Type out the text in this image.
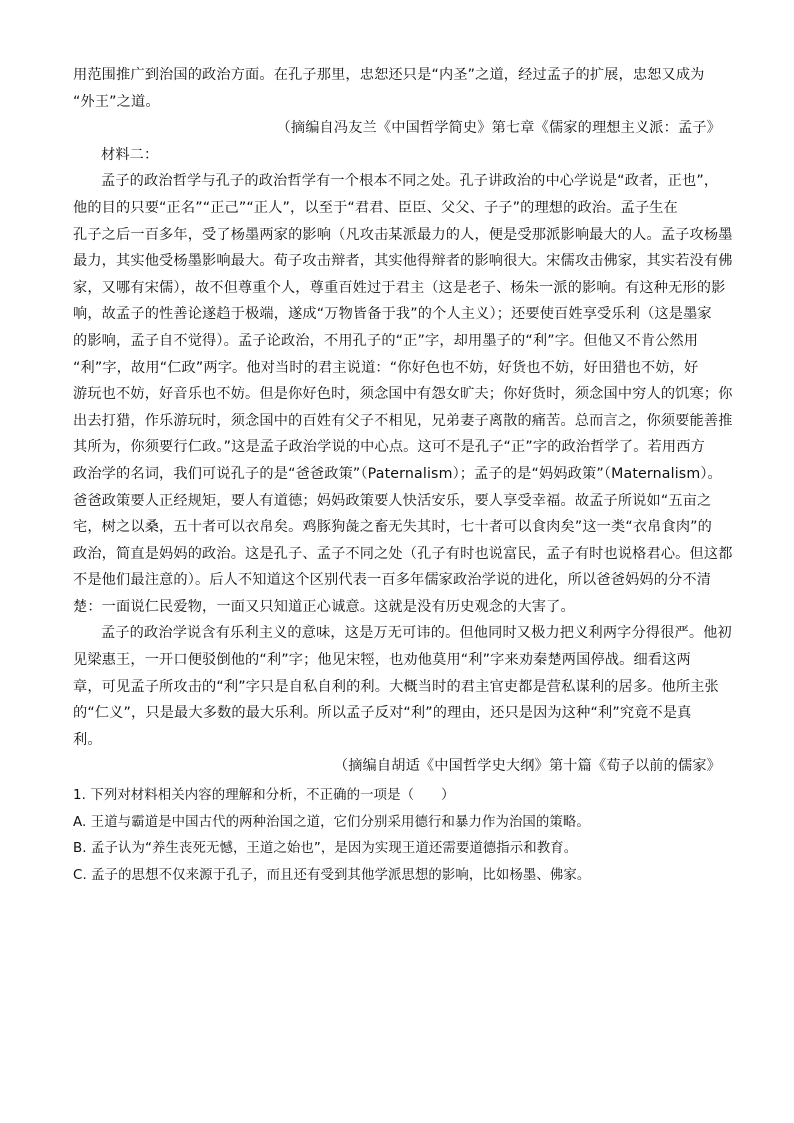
用范围推广到治国的政治方面。在孔子那里，忠恕还只是“内圣”之道，经过孟子的扩展，忠恕又成为
“外王”之道。
（摘编自冯友兰《中国哲学简史》第七章《儒家的理想主义派：孟子》
材料二：
孟子的政治哲学与孔子的政治哲学有一个根本不同之处。孔子讲政治的中心学说是“政者，正也”，
他的目的只要“正名”“正己”“正人”，以至于“君君、臣臣、父父、子子”的理想的政治。孟子生在
孔子之后一百多年，受了杨墨两家的影响（凡攻击某派最力的人，便是受那派影响最大的人。孟子攻杨墨
最力，其实他受杨墨影响最大。荀子攻击辩者，其实他得辩者的影响很大。宋儒攻击佛家，其实若没有佛
家，又哪有宋儒），故不但尊重个人，尊重百姓过于君主（这是老子、杨朱一派的影响。有这种无形的影
响，故孟子的性善论遂趋于极端，遂成“万物皆备于我”的个人主义）；还要使百姓享受乐利（这是墨家
的影响，孟子自不觉得）。孟子论政治，不用孔子的“正”字，却用墨子的“利”字。但他又不肯公然用
“利”字，故用“仁政”两字。他对当时的君主说道：“你好色也不妨，好货也不妨，好田猎也不妨，好
游玩也不妨，好音乐也不妨。但是你好色时，须念国中有怨女旷夫；你好货时，须念国中穷人的饥寒；你
出去打猎，作乐游玩时，须念国中的百姓有父子不相见，兄弟妻子离散的痛苦。总而言之，你须要能善推
其所为，你须要行仁政。”这是孟子政治学说的中心点。这可不是孔子“正”字的政治哲学了。若用西方
政治学的名词，我们可说孔子的是“爸爸政策”（Paternalism）；孟子的是“妈妈政策”（Maternalism）。
爸爸政策要人正经规矩，要人有道德；妈妈政策要人快活安乐，要人享受幸福。故孟子所说如“五亩之
宅，树之以桑，五十者可以衣帛矣。鸡豚狗彘之畜无失其时，七十者可以食肉矣”这一类“衣帛食肉”的
政治，简直是妈妈的政治。这是孔子、孟子不同之处（孔子有时也说富民，孟子有时也说格君心。但这都
不是他们最注意的）。后人不知道这个区别代表一百多年儒家政治学说的进化，所以爸爸妈妈的分不清
楚：一面说仁民爱物，一面又只知道正心诚意。这就是没有历史观念的大害了。
孟子的政治学说含有乐利主义的意味，这是万无可讳的。但他同时又极力把义利两字分得很严。他初
见梁惠王，一开口便驳倒他的“利”字；他见宋牼，也劝他莫用“利”字来劝秦楚两国停战。细看这两
章，可见孟子所攻击的“利”字只是自私自利的利。大概当时的君主官吏都是营私谋利的居多。他所主张
的“仁义”，只是最大多数的最大乐利。所以孟子反对“利”的理由，还只是因为这种“利”究竟不是真
利。
（摘编自胡适《中国哲学史大纲》第十篇《荀子以前的儒家》
1. 下列对材料相关内容的理解和分析，不正确的一项是（　　）
A. 王道与霸道是中国古代的两种治国之道，它们分别采用德行和暴力作为治国的策略。
B. 孟子认为“养生丧死无憾，王道之始也”，是因为实现王道还需要道德指示和教育。
C. 孟子的思想不仅来源于孔子，而且还有受到其他学派思想的影响，比如杨墨、佛家。
